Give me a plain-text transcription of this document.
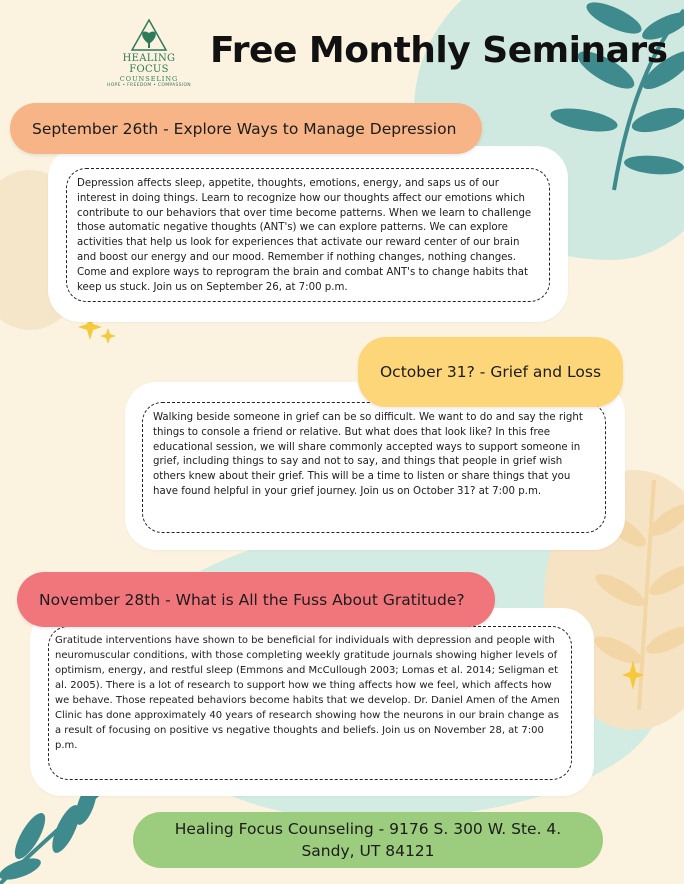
HEALING FOCUS
COUNSELING
HOPE • FREEDOM • COMPASSION
Free Monthly Seminars
September 26th - Explore Ways to Manage Depression
Depression affects sleep, appetite, thoughts, emotions, energy, and saps us of our interest in doing things. Learn to recognize how our thoughts affect our emotions which contribute to our behaviors that over time become patterns. When we learn to challenge those automatic negative thoughts (ANT's) we can explore patterns. We can explore activities that help us look for experiences that activate our reward center of our brain and boost our energy and our mood. Remember if nothing changes, nothing changes. Come and explore ways to reprogram the brain and combat ANT's to change habits that keep us stuck. Join us on September 26, at 7:00 p.m.
October 31? - Grief and Loss
Walking beside someone in grief can be so difficult. We want to do and say the right things to console a friend or relative. But what does that look like? In this free educational session, we will share commonly accepted ways to support someone in grief, including things to say and not to say, and things that people in grief wish others knew about their grief. This will be a time to listen or share things that you have found helpful in your grief journey. Join us on October 31? at 7:00 p.m.
November 28th - What is All the Fuss About Gratitude?
Gratitude interventions have shown to be beneficial for individuals with depression and people with neuromuscular conditions, with those completing weekly gratitude journals showing higher levels of optimism, energy, and restful sleep (Emmons and McCullough 2003; Lomas et al. 2014; Seligman et al. 2005). There is a lot of research to support how we thing affects how we feel, which affects how we behave. Those repeated behaviors become habits that we develop. Dr. Daniel Amen of the Amen Clinic has done approximately 40 years of research showing how the neurons in our brain change as a result of focusing on positive vs negative thoughts and beliefs. Join us on November 28, at 7:00 p.m.
Healing Focus Counseling - 9176 S. 300 W. Ste. 4.
Sandy, UT 84121
